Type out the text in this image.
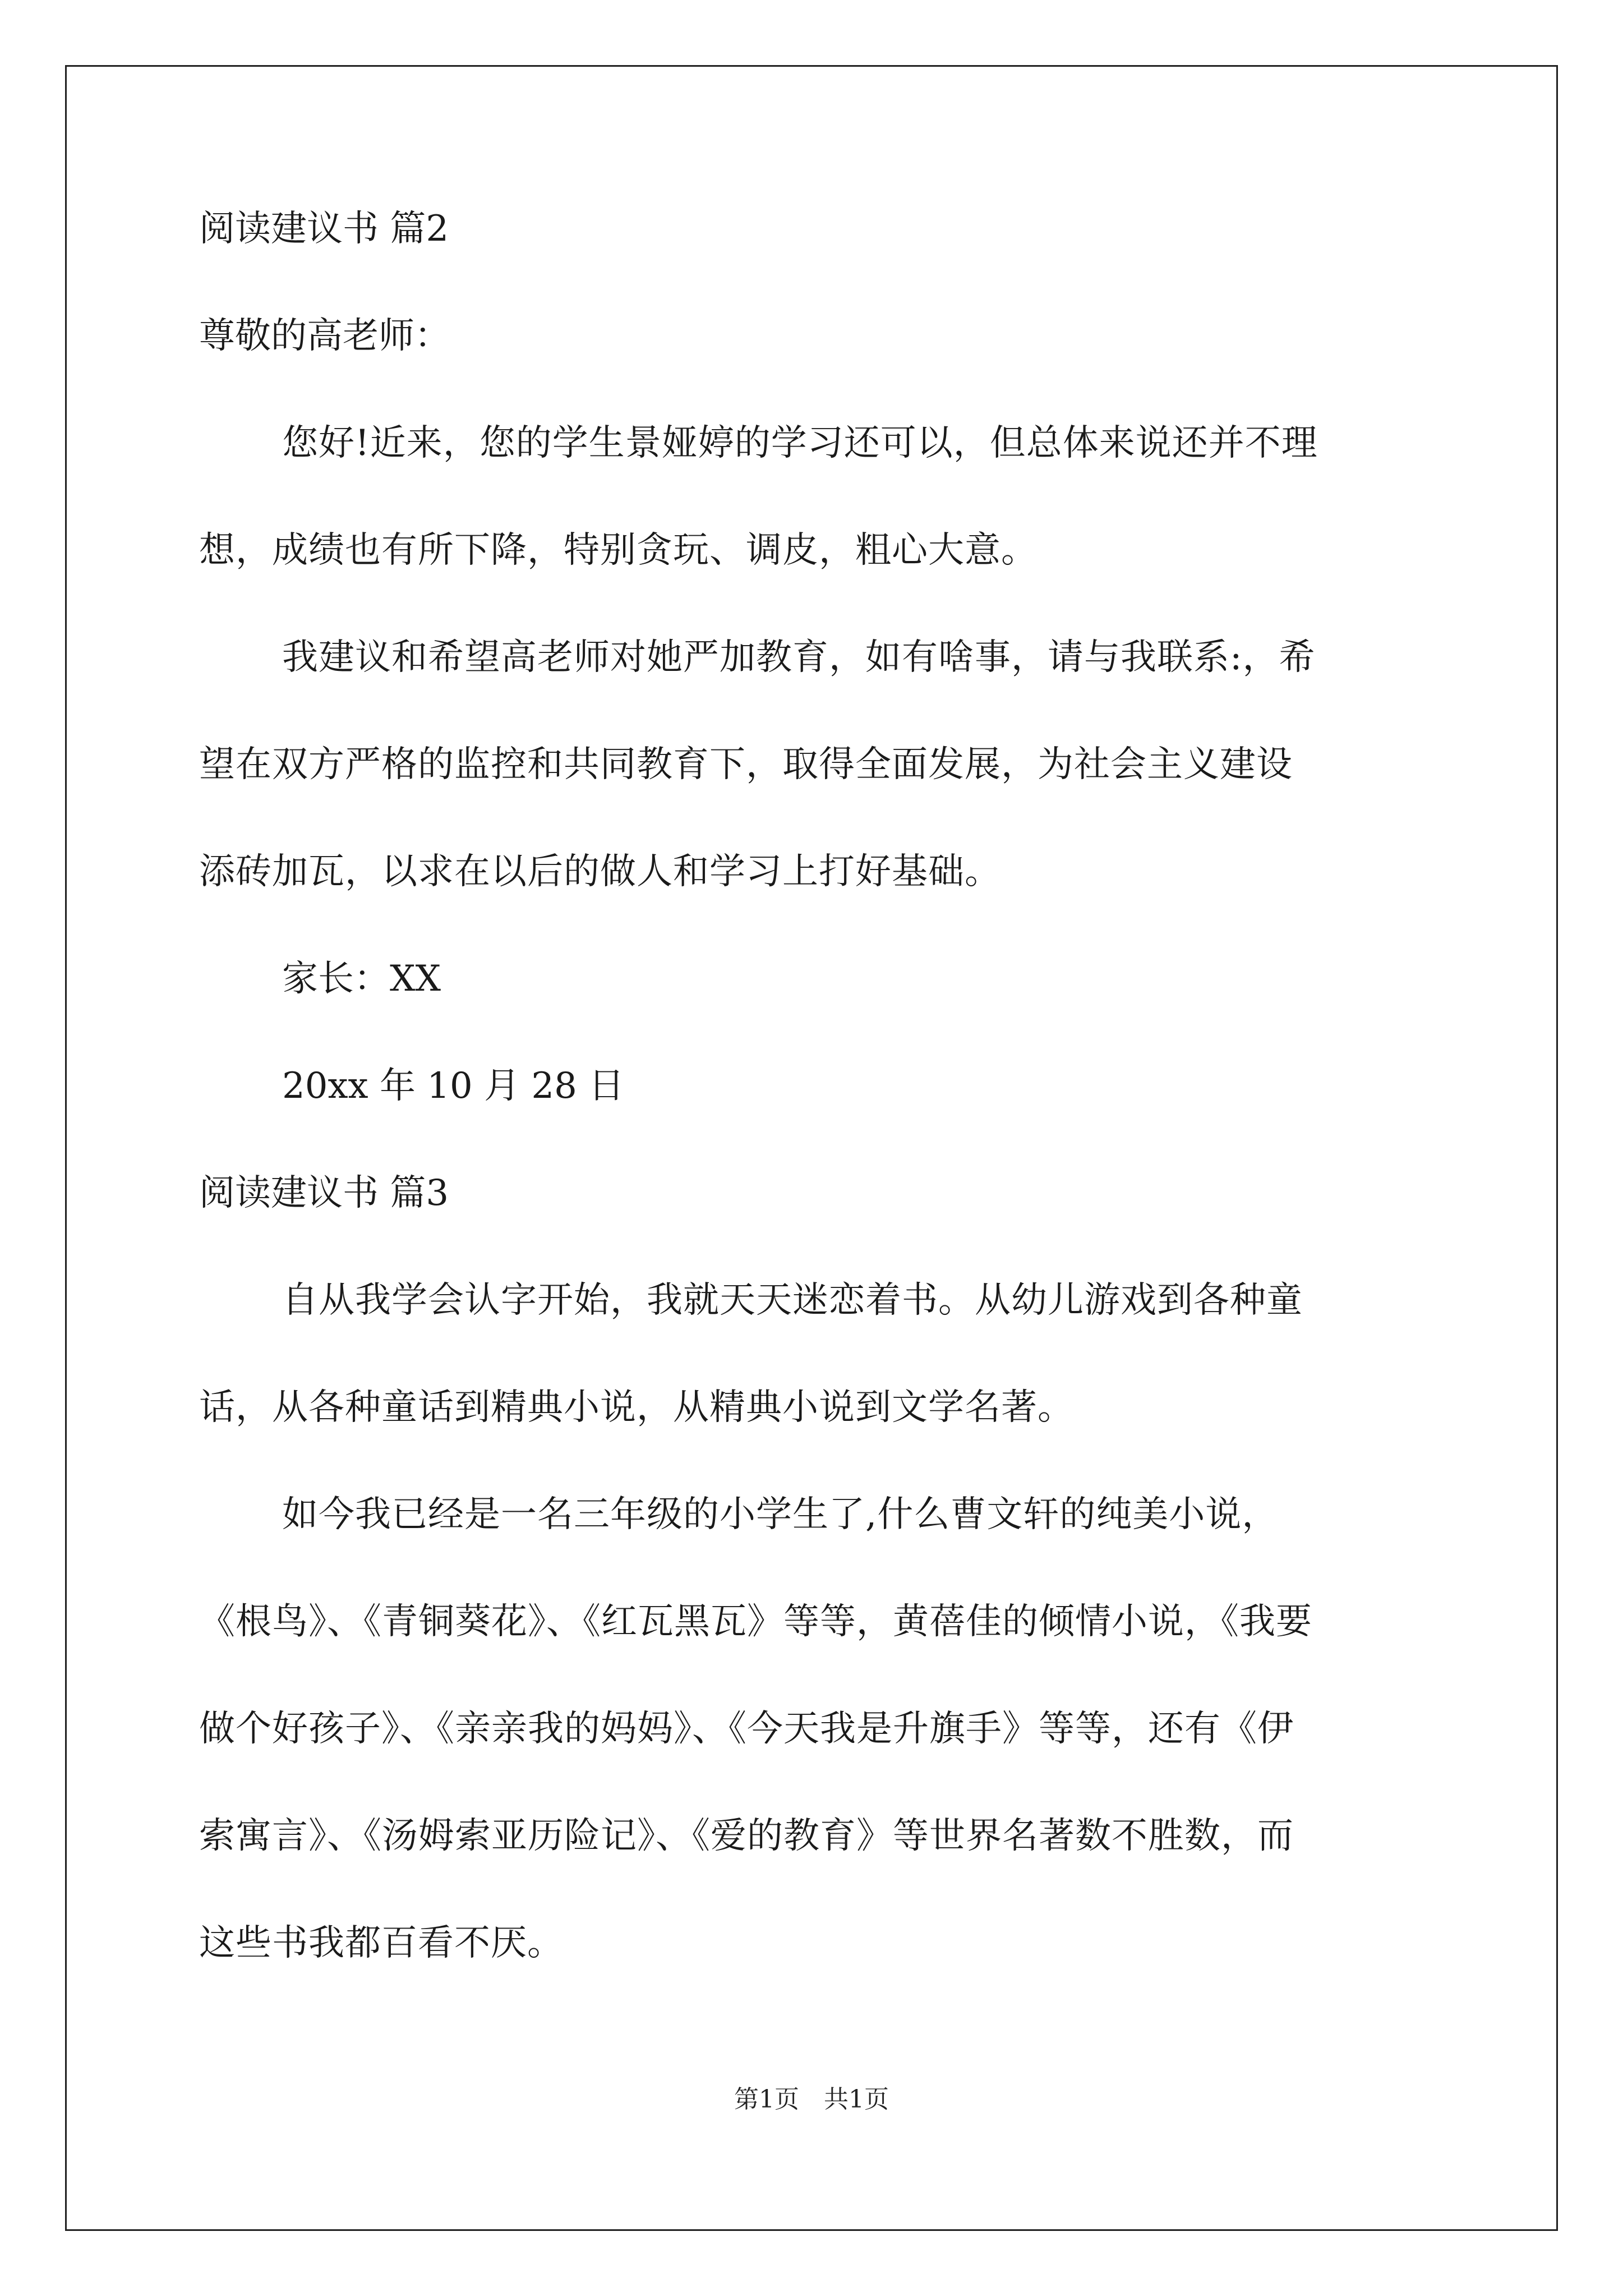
阅读建议书 篇2
尊敬的高老师：
您好!近来，您的学生景娅婷的学习还可以，但总体来说还并不理
想，成绩也有所下降，特别贪玩、调皮，粗心大意。
我建议和希望高老师对她严加教育，如有啥事，请与我联系:，希
望在双方严格的监控和共同教育下，取得全面发展，为社会主义建设
添砖加瓦，以求在以后的做人和学习上打好基础。
家长：XX
20xx 年 10 月 28 日
阅读建议书 篇3
自从我学会认字开始，我就天天迷恋着书。从幼儿游戏到各种童
话，从各种童话到精典小说，从精典小说到文学名著。
如今我已经是一名三年级的小学生了,什么曹文轩的纯美小说，
《根鸟》、《青铜葵花》、《红瓦黑瓦》等等，黄蓓佳的倾情小说，《我要
做个好孩子》、《亲亲我的妈妈》、《今天我是升旗手》等等，还有《伊
索寓言》、《汤姆索亚历险记》、《爱的教育》等世界名著数不胜数，而
这些书我都百看不厌。
第1页　共1页
